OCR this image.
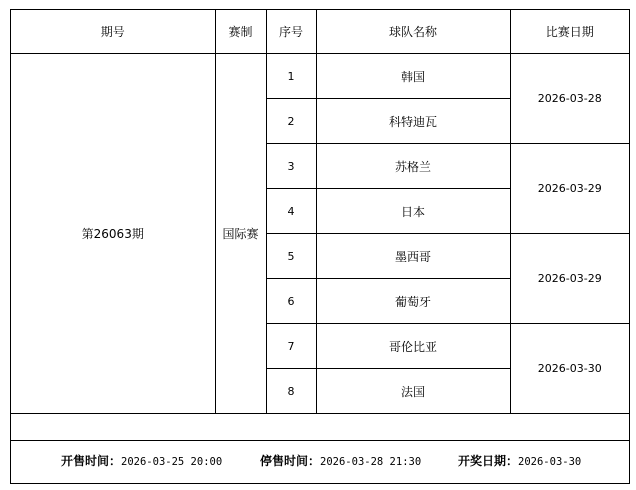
期号	赛制	序号	球队名称	比赛日期
第26063期	国际赛	1	韩国	2026-03-28
		2	科特迪瓦	
		3	苏格兰	2026-03-29
		4	日本	
		5	墨西哥	2026-03-29
		6	葡萄牙	
		7	哥伦比亚	2026-03-30
		8	法国	
开售时间：2026-03-25 20:00	停售时间：2026-03-28 21:30	开奖日期：2026-03-30
